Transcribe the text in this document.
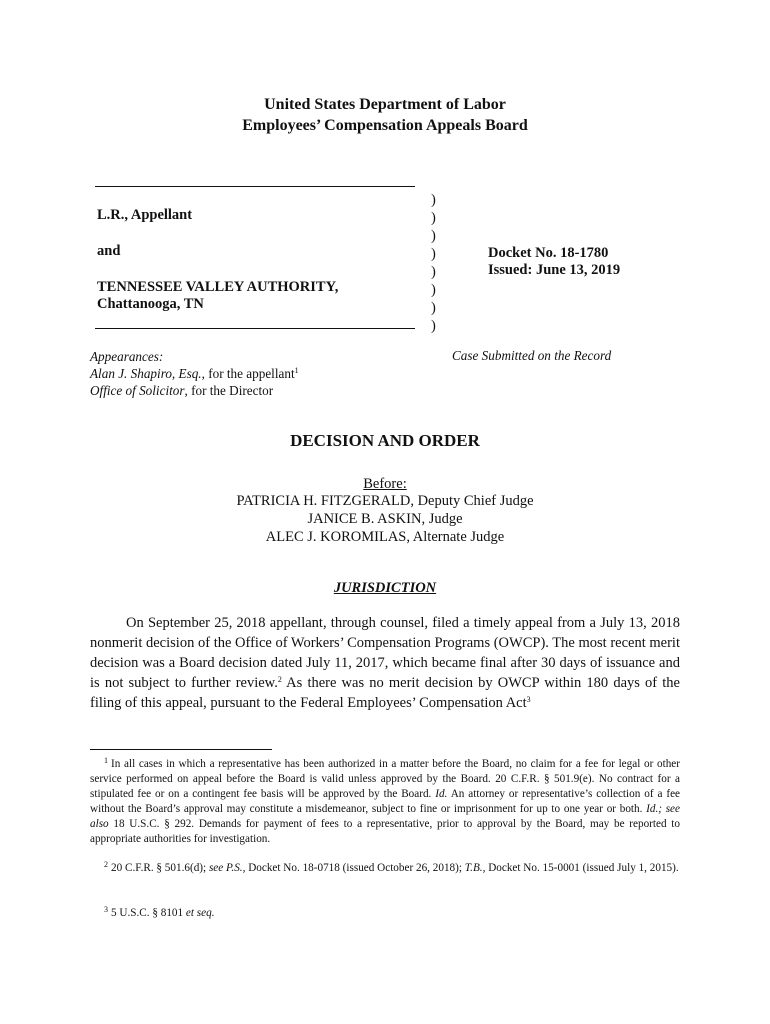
United States Department of Labor
Employees’ Compensation Appeals Board
L.R., Appellant
and
TENNESSEE VALLEY AUTHORITY,
Chattanooga, TN
)
)
)
)
)
)
)
)
Docket No. 18-1780
Issued: June 13, 2019
Appearances:
Alan J. Shapiro, Esq., for the appellant$^1$
Office of Solicitor, for the Director
Case Submitted on the Record
DECISION AND ORDER
Before:
PATRICIA H. FITZGERALD, Deputy Chief Judge
JANICE B. ASKIN, Judge
ALEC J. KOROMILAS, Alternate Judge
JURISDICTION
On September 25, 2018 appellant, through counsel, filed a timely appeal from a July 13, 2018 nonmerit decision of the Office of Workers’ Compensation Programs (OWCP). The most recent merit decision was a Board decision dated July 11, 2017, which became final after 30 days of issuance and is not subject to further review.$^2$ As there was no merit decision by OWCP within 180 days of the filing of this appeal, pursuant to the Federal Employees’ Compensation Act$^3$
$^1$ In all cases in which a representative has been authorized in a matter before the Board, no claim for a fee for legal or other service performed on appeal before the Board is valid unless approved by the Board. 20 C.F.R. § 501.9(e). No contract for a stipulated fee or on a contingent fee basis will be approved by the Board. Id. An attorney or representative’s collection of a fee without the Board’s approval may constitute a misdemeanor, subject to fine or imprisonment for up to one year or both. Id.; see also 18 U.S.C. § 292. Demands for payment of fees to a representative, prior to approval by the Board, may be reported to appropriate authorities for investigation.
$^2$ 20 C.F.R. § 501.6(d); see P.S., Docket No. 18-0718 (issued October 26, 2018); T.B., Docket No. 15-0001 (issued July 1, 2015).
$^3$ 5 U.S.C. § 8101 et seq.
